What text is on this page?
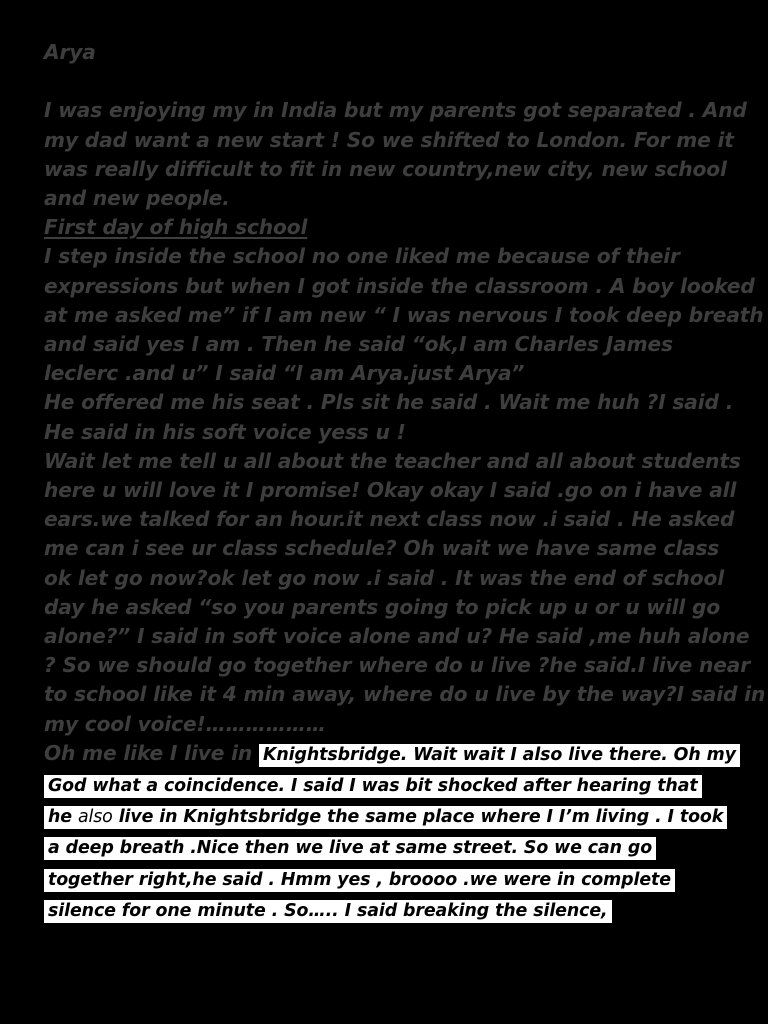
Arya

I was enjoying my in India but my parents got separated . And

my dad want a new start ! So we shifted to London. For me it

was really difficult to fit in new country,new city, new school

and new people.

First day of high school

I step inside the school no one liked me because of their

expressions but when I got inside the classroom . A boy looked

at me asked me” if I am new “ I was nervous I took deep breath

and said yes I am . Then he said “ok,I am Charles James

leclerc .and u” I said “I am Arya.just Arya”

He offered me his seat . Pls sit he said . Wait me huh ?I said .

He said in his soft voice yess u !

Wait let me tell u all about the teacher and all about students

here u will love it I promise! Okay okay I said .go on i have all

ears.we talked for an hour.it next class now .i said . He asked

me can i see ur class schedule? Oh wait we have same class

ok let go now?ok let go now .i said . It was the end of school

day he asked “so you parents going to pick up u or u will go

alone?” I said in soft voice alone and u? He said ,me huh alone

? So we should go together where do u live ?he said.I live near

to school like it 4 min away, where do u live by the way?I said in

my cool voice!………………

Oh me like I live in Knightsbridge. Wait wait I also live there. Oh my

God what a coincidence. I said I was bit shocked after hearing that

he also live in Knightsbridge the same place where I I’m living . I took

a deep breath .Nice then we live at same street. So we can go

together right,he said . Hmm yes , broooo .we were in complete

silence for one minute . So….. I said breaking the silence,
